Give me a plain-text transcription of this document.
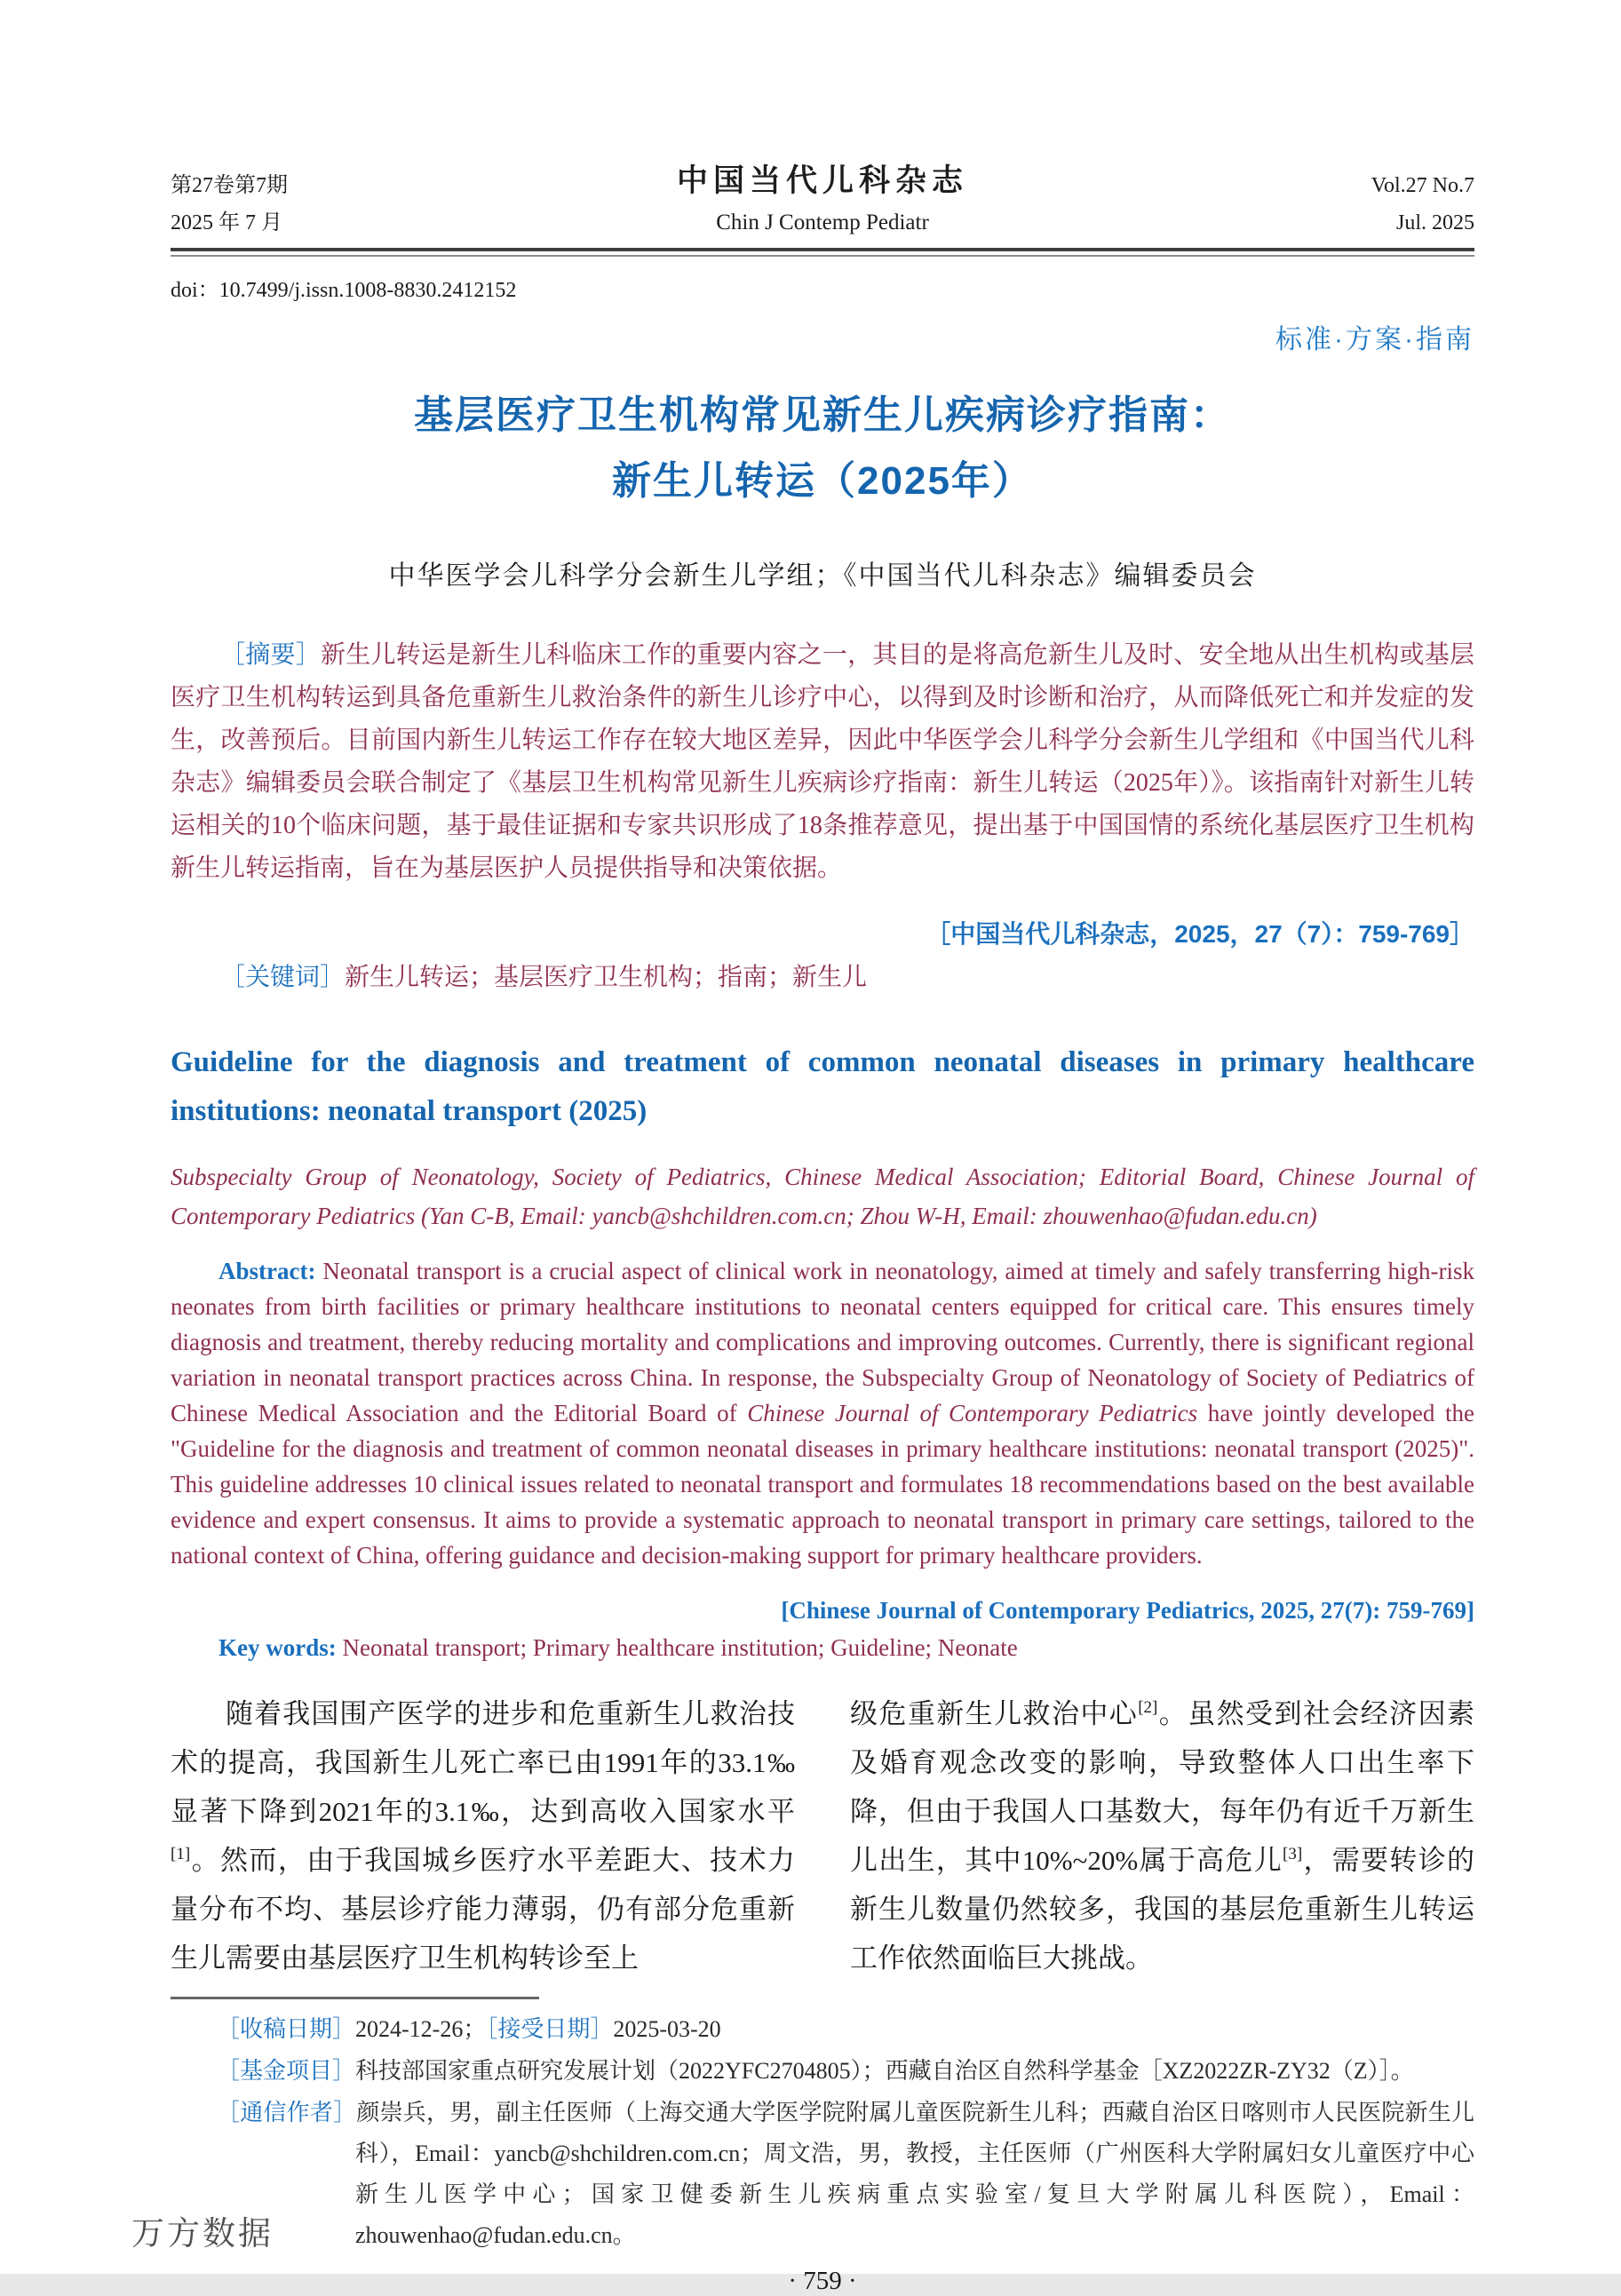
第27卷第7期	中国当代儿科杂志	Vol.27 No.7
2025 年 7 月	Chin J Contemp Pediatr	Jul. 2025
doi：10.7499/j.issn.1008-8830.2412152
标准·方案·指南
基层医疗卫生机构常见新生儿疾病诊疗指南：
新生儿转运（2025年）
中华医学会儿科学分会新生儿学组；《中国当代儿科杂志》编辑委员会

［摘要］新生儿转运是新生儿科临床工作的重要内容之一，其目的是将高危新生儿及时、安全地从出生机构或基层医疗卫生机构转运到具备危重新生儿救治条件的新生儿诊疗中心，以得到及时诊断和治疗，从而降低死亡和并发症的发生，改善预后。目前国内新生儿转运工作存在较大地区差异，因此中华医学会儿科学分会新生儿学组和《中国当代儿科杂志》编辑委员会联合制定了《基层卫生机构常见新生儿疾病诊疗指南：新生儿转运（2025年）》。该指南针对新生儿转运相关的10个临床问题，基于最佳证据和专家共识形成了18条推荐意见，提出基于中国国情的系统化基层医疗卫生机构新生儿转运指南，旨在为基层医护人员提供指导和决策依据。

［中国当代儿科杂志，2025，27（7）：759-769］

［关键词］新生儿转运；基层医疗卫生机构；指南；新生儿

Guideline for the diagnosis and treatment of common neonatal diseases in primary healthcare institutions: neonatal transport (2025)
Subspecialty Group of Neonatology, Society of Pediatrics, Chinese Medical Association; Editorial Board, Chinese Journal of Contemporary Pediatrics (Yan C-B, Email: yancb@shchildren.com.cn; Zhou W-H, Email: zhouwenhao@fudan.edu.cn)

Abstract: Neonatal transport is a crucial aspect of clinical work in neonatology, aimed at timely and safely transferring high-risk neonates from birth facilities or primary healthcare institutions to neonatal centers equipped for critical care. This ensures timely diagnosis and treatment, thereby reducing mortality and complications and improving outcomes. Currently, there is significant regional variation in neonatal transport practices across China. In response, the Subspecialty Group of Neonatology of Society of Pediatrics of Chinese Medical Association and the Editorial Board of Chinese Journal of Contemporary Pediatrics have jointly developed the "Guideline for the diagnosis and treatment of common neonatal diseases in primary healthcare institutions: neonatal transport (2025)". This guideline addresses 10 clinical issues related to neonatal transport and formulates 18 recommendations based on the best available evidence and expert consensus. It aims to provide a systematic approach to neonatal transport in primary care settings, tailored to the national context of China, offering guidance and decision-making support for primary healthcare providers.

[Chinese Journal of Contemporary Pediatrics, 2025, 27(7): 759-769]

Key words: Neonatal transport; Primary healthcare institution; Guideline; Neonate

随着我国围产医学的进步和危重新生儿救治技术的提高，我国新生儿死亡率已由1991年的33.1‰显著下降到2021年的3.1‰，达到高收入国家水平[1]。然而，由于我国城乡医疗水平差距大、技术力量分布不均、基层诊疗能力薄弱，仍有部分危重新生儿需要由基层医疗卫生机构转诊至上

级危重新生儿救治中心[2]。虽然受到社会经济因素及婚育观念改变的影响，导致整体人口出生率下降，但由于我国人口基数大，每年仍有近千万新生儿出生，其中10%~20%属于高危儿[3]，需要转诊的新生儿数量仍然较多，我国的基层危重新生儿转运工作依然面临巨大挑战。

［收稿日期］2024-12-26；［接受日期］2025-03-20
［基金项目］科技部国家重点研究发展计划（2022YFC2704805）；西藏自治区自然科学基金［XZ2022ZR-ZY32（Z）］。
［通信作者］颜崇兵，男，副主任医师（上海交通大学医学院附属儿童医院新生儿科；西藏自治区日喀则市人民医院新生儿科），Email：yancb@shchildren.com.cn；周文浩，男，教授，主任医师（广州医科大学附属妇女儿童医疗中心新生儿医学中心；国家卫健委新生儿疾病重点实验室/复旦大学附属儿科医院），Email：zhouwenhao@fudan.edu.cn。
· 759 ·
万方数据
